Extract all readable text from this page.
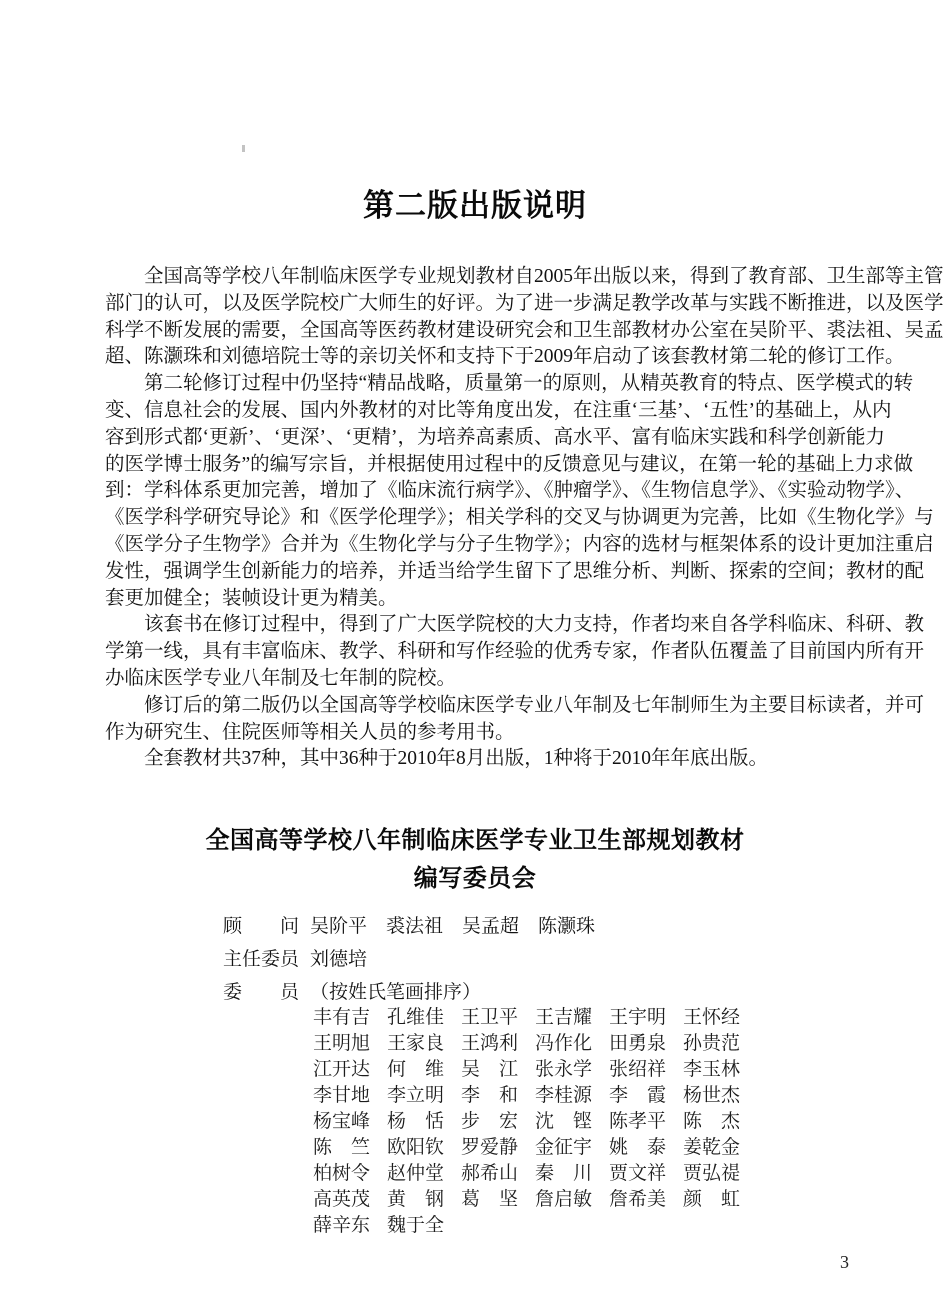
第二版出版说明
全国高等学校八年制临床医学专业规划教材自2005年出版以来，得到了教育部、卫生部等主管
部门的认可，以及医学院校广大师生的好评。为了进一步满足教学改革与实践不断推进，以及医学
科学不断发展的需要，全国高等医药教材建设研究会和卫生部教材办公室在吴阶平、裘法祖、吴孟
超、陈灏珠和刘德培院士等的亲切关怀和支持下于2009年启动了该套教材第二轮的修订工作。
第二轮修订过程中仍坚持“精品战略，质量第一的原则，从精英教育的特点、医学模式的转
变、信息社会的发展、国内外教材的对比等角度出发，在注重‘三基’、‘五性’的基础上，从内
容到形式都‘更新’、‘更深’、‘更精’，为培养高素质、高水平、富有临床实践和科学创新能力
的医学博士服务”的编写宗旨，并根据使用过程中的反馈意见与建议，在第一轮的基础上力求做
到：学科体系更加完善，增加了《临床流行病学》、《肿瘤学》、《生物信息学》、《实验动物学》、
《医学科学研究导论》和《医学伦理学》；相关学科的交叉与协调更为完善，比如《生物化学》与
《医学分子生物学》合并为《生物化学与分子生物学》；内容的选材与框架体系的设计更加注重启
发性，强调学生创新能力的培养，并适当给学生留下了思维分析、判断、探索的空间；教材的配
套更加健全；装帧设计更为精美。
该套书在修订过程中，得到了广大医学院校的大力支持，作者均来自各学科临床、科研、教
学第一线，具有丰富临床、教学、科研和写作经验的优秀专家，作者队伍覆盖了目前国内所有开
办临床医学专业八年制及七年制的院校。
修订后的第二版仍以全国高等学校临床医学专业八年制及七年制师生为主要目标读者，并可
作为研究生、住院医师等相关人员的参考用书。
全套教材共37种，其中36种于2010年8月出版，1种将于2010年年底出版。
全国高等学校八年制临床医学专业卫生部规划教材
编写委员会
顾　　问 吴阶平　裘法祖　吴孟超　陈灏珠
主任委员 刘德培
委　　员 （按姓氏笔画排序）
丰有吉 孔维佳 王卫平 王吉耀 王宇明 王怀经
王明旭 王家良 王鸿利 冯作化 田勇泉 孙贵范
江开达 何　维 吴　江 张永学 张绍祥 李玉林
李甘地 李立明 李　和 李桂源 李　霞 杨世杰
杨宝峰 杨　恬 步　宏 沈　铿 陈孝平 陈　杰
陈　竺 欧阳钦 罗爱静 金征宇 姚　泰 姜乾金
柏树令 赵仲堂 郝希山 秦　川 贾文祥 贾弘禔
高英茂 黄　钢 葛　坚 詹启敏 詹希美 颜　虹
薛辛东 魏于全
3
